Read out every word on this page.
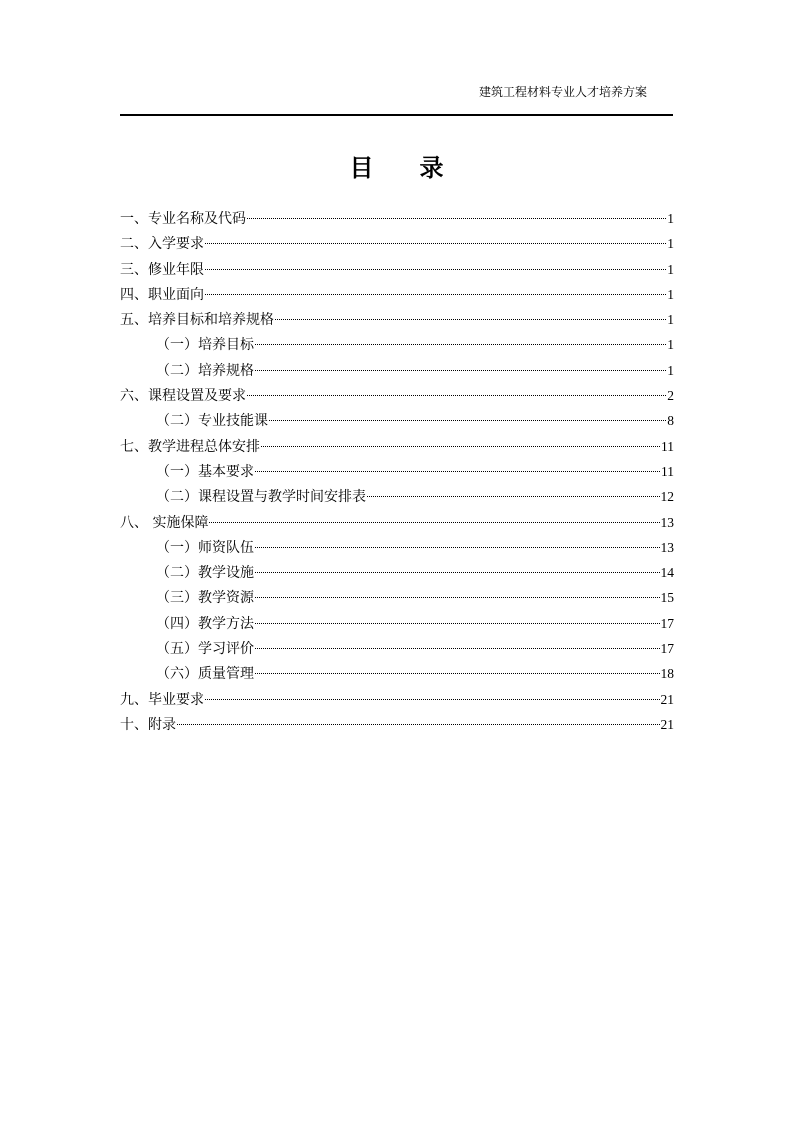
建筑工程材料专业人才培养方案
目 录
一、专业名称及代码	1
二、入学要求	1
三、修业年限	1
四、职业面向	1
五、培养目标和培养规格	1
（一）培养目标	1
（二）培养规格	1
六、课程设置及要求	2
（二）专业技能课	8
七、教学进程总体安排	11
（一）基本要求	11
（二）课程设置与教学时间安排表	12
八、 实施保障	13
（一）师资队伍	13
（二）教学设施	14
（三）教学资源	15
（四）教学方法	17
（五）学习评价	17
（六）质量管理	18
九、毕业要求	21
十、附录	21
